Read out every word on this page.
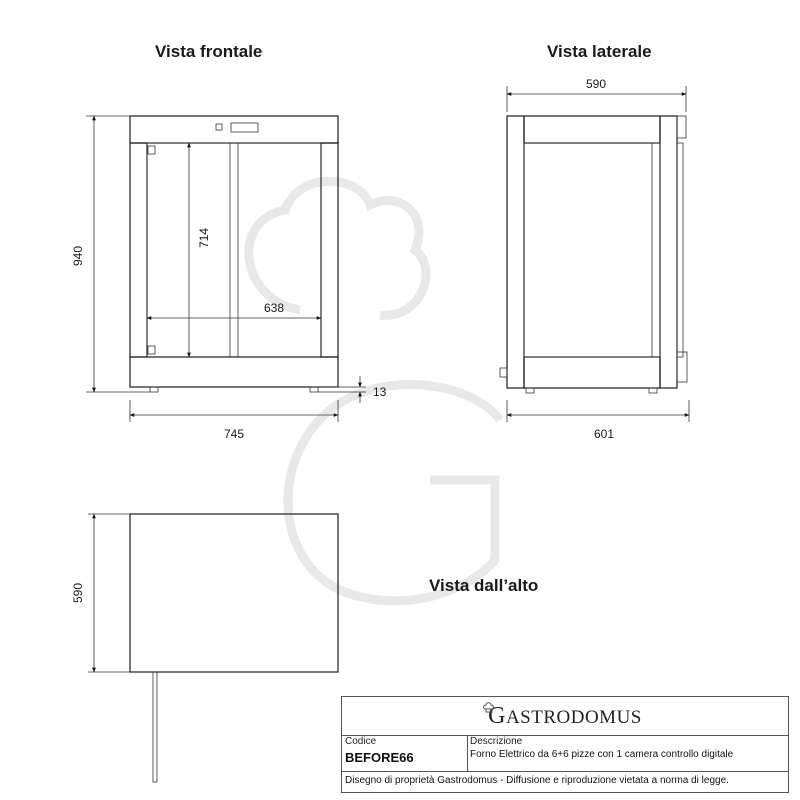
Vista frontale	Vista laterale
Vista dall’alto
714
638
940
745
13
590
601
590
GASTRODOMUS
Codice
BEFORE66
Descrizione
Forno Elettrico da 6+6 pizze con 1 camera controllo digitale
Disegno di proprietà Gastrodomus - Diffusione e riproduzione vietata a norma di legge.
